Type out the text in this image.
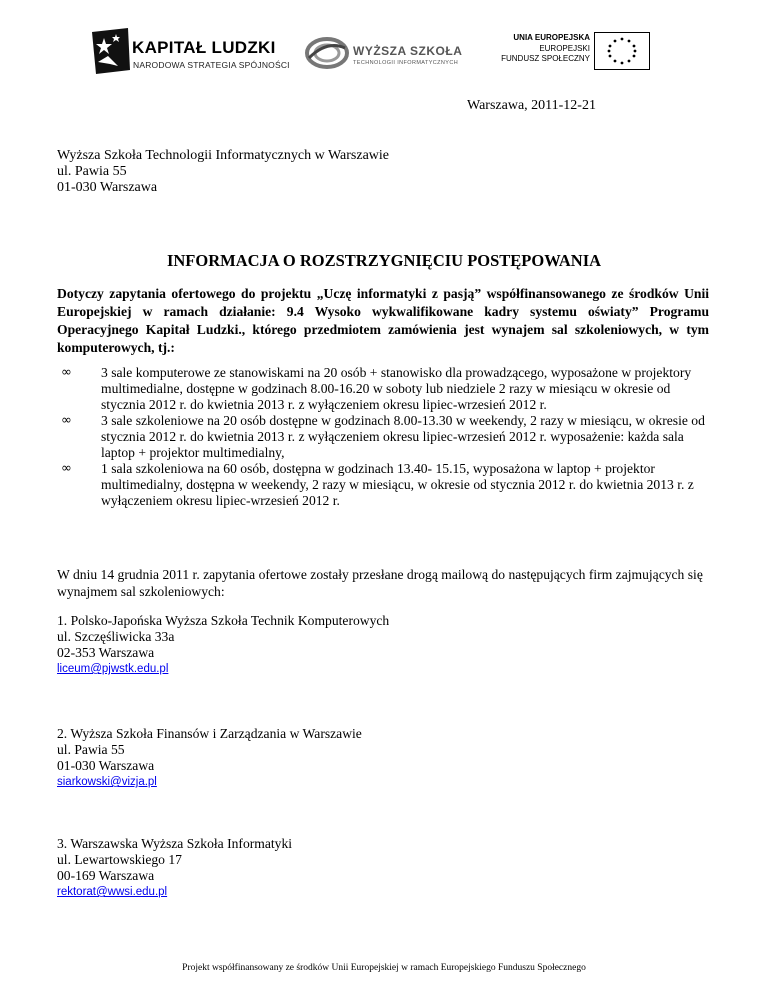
KAPITAŁ LUDZKI
NARODOWA STRATEGIA SPÓJNOŚCI
WYŻSZA SZKOŁA
TECHNOLOGII INFORMATYCZNYCH
UNIA EUROPEJSKA
EUROPEJSKI
FUNDUSZ SPOŁECZNY
Warszawa, 2011-12-21
Wyższa Szkoła Technologii Informatycznych w Warszawie
ul. Pawia 55
01-030 Warszawa
INFORMACJA O ROZSTRZYGNIĘCIU POSTĘPOWANIA
Dotyczy zapytania ofertowego do projektu „Uczę informatyki z pasją” współfinansowanego ze środków Unii Europejskiej w ramach działanie: 9.4 Wysoko wykwalifikowane kadry systemu oświaty” Programu Operacyjnego Kapitał Ludzki., którego przedmiotem zamówienia jest wynajem sal szkoleniowych, w tym komputerowych, tj.:
∞ 3 sale komputerowe ze stanowiskami na 20 osób + stanowisko dla prowadzącego, wyposażone w projektory multimedialne, dostępne w godzinach 8.00-16.20 w soboty lub niedziele 2 razy w miesiącu w okresie od stycznia 2012 r. do kwietnia 2013 r. z wyłączeniem okresu lipiec-wrzesień 2012 r.
∞ 3 sale szkoleniowe na 20 osób dostępne w godzinach 8.00-13.30 w weekendy, 2 razy w miesiącu, w okresie od stycznia 2012 r. do kwietnia 2013 r. z wyłączeniem okresu lipiec-wrzesień 2012 r. wyposażenie: każda sala laptop + projektor multimedialny,
∞ 1 sala szkoleniowa na 60 osób, dostępna w godzinach 13.40- 15.15, wyposażona w laptop + projektor multimedialny, dostępna w weekendy, 2 razy w miesiącu, w okresie od stycznia 2012 r. do kwietnia 2013 r. z wyłączeniem okresu lipiec-wrzesień 2012 r.
W dniu 14 grudnia 2011 r. zapytania ofertowe zostały przesłane drogą mailową do następujących firm zajmujących się wynajmem sal szkoleniowych:
1. Polsko-Japońska Wyższa Szkoła Technik Komputerowych
ul. Szczęśliwicka 33a
02-353 Warszawa
liceum@pjwstk.edu.pl
2. Wyższa Szkoła Finansów i Zarządzania w Warszawie
ul. Pawia 55
01-030 Warszawa
siarkowski@vizja.pl
3. Warszawska Wyższa Szkoła Informatyki
ul. Lewartowskiego 17
00-169 Warszawa
rektorat@wwsi.edu.pl
Projekt współfinansowany ze środków Unii Europejskiej w ramach Europejskiego Funduszu Społecznego
